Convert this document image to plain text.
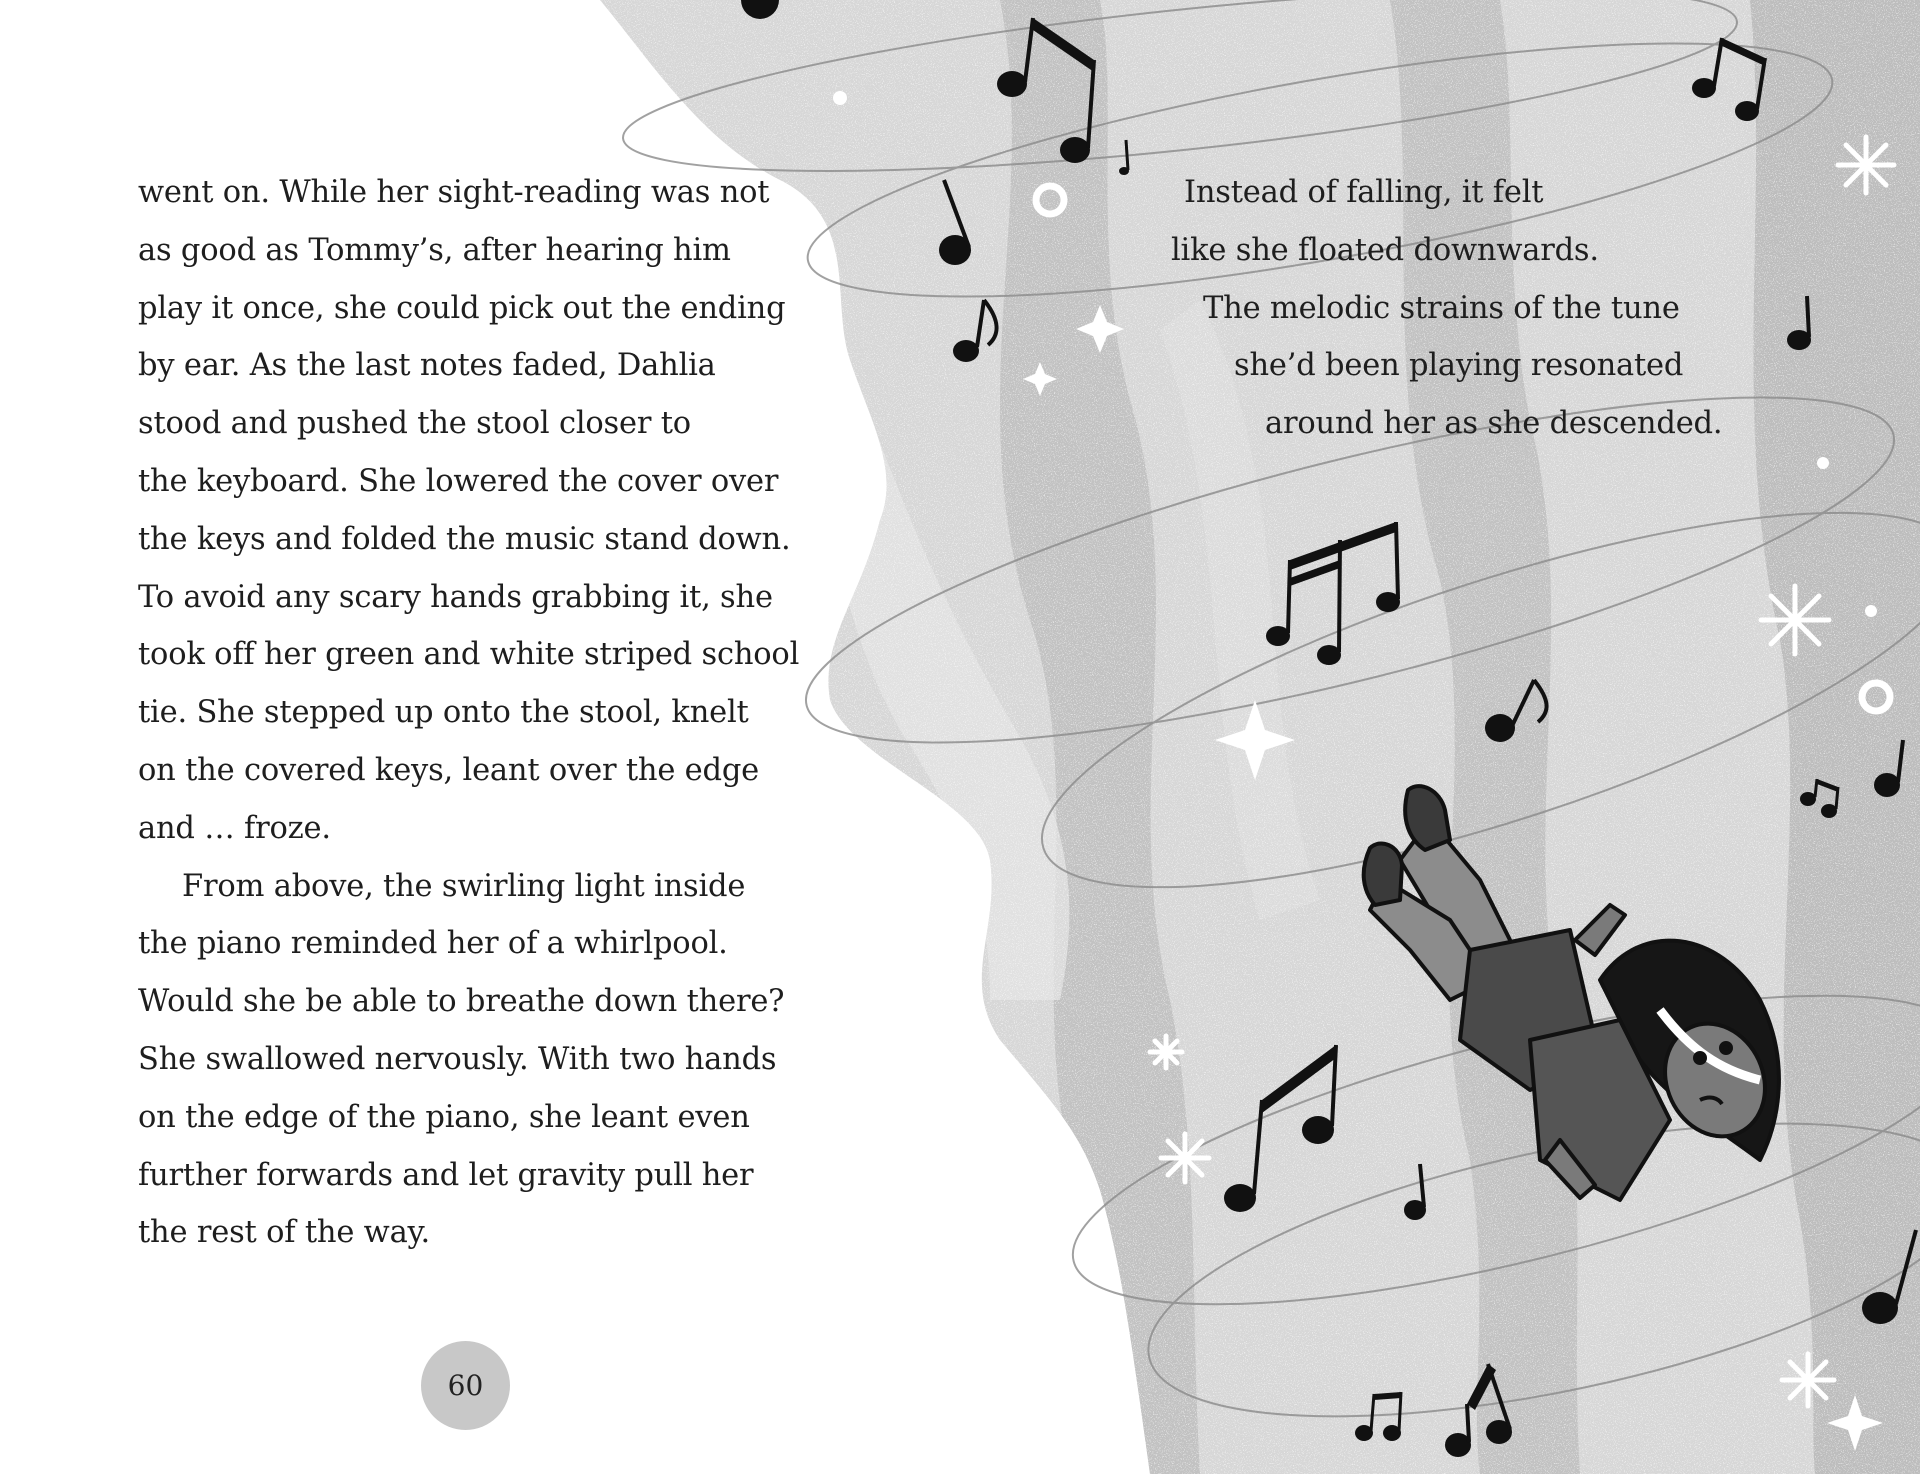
went on. While her sight-reading was not
as good as Tommy’s, after hearing him
play it once, she could pick out the ending
by ear. As the last notes faded, Dahlia
stood and pushed the stool closer to
the keyboard. She lowered the cover over
the keys and folded the music stand down.
To avoid any scary hands grabbing it, she
took off her green and white striped school
tie. She stepped up onto the stool, knelt
on the covered keys, leant over the edge
and … froze.

From above, the swirling light inside
the piano reminded her of a whirlpool.
Would she be able to breathe down there?
She swallowed nervously. With two hands
on the edge of the piano, she leant even
further forwards and let gravity pull her
the rest of the way.

60
Instead of falling, it felt
like she floated downwards.
The melodic strains of the tune
she’d been playing resonated
around her as she descended.
